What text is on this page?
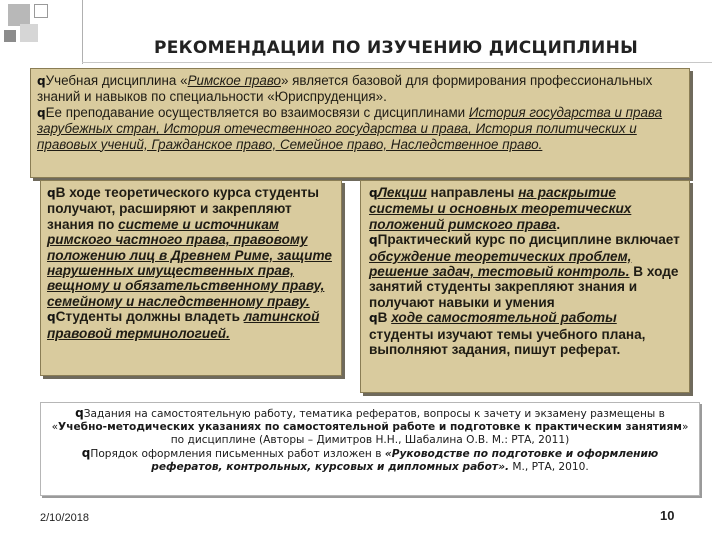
РЕКОМЕНДАЦИИ ПО ИЗУЧЕНИЮ ДИСЦИПЛИНЫ
qУчебная дисциплина «Римское право» является базовой для формирования профессиональных знаний и навыков по специальности «Юриспруденция».
qЕе преподавание осуществляется во взаимосвязи с дисциплинами История государства и права зарубежных стран, История отечественного государства и права, История политических и правовых учений, Гражданское право, Семейное право, Наследственное право.
qВ ходе теоретического курса студенты получают, расширяют и закрепляют знания по системе и источникам римского частного права, правовому положению лиц в Древнем Риме, защите нарушенных имущественных прав, вещному и обязательственному праву, семейному и наследственному праву.
qСтуденты должны владеть латинской правовой терминологией.
qЛекции направлены на раскрытие системы и основных теоретических положений римского права.
qПрактический курс по дисциплине включает обсуждение теоретических проблем, решение задач, тестовый контроль. В ходе занятий студенты закрепляют знания и получают навыки и умения
qВ ходе самостоятельной работы студенты изучают темы учебного плана, выполняют задания, пишут реферат.
qЗадания на самостоятельную работу, тематика рефератов, вопросы к зачету и экзамену размещены в «Учебно-методических указаниях по самостоятельной работе и подготовке к практическим занятиям» по дисциплине (Авторы – Димитров Н.Н., Шабалина О.В. М.: РТА, 2011)
qПорядок оформления письменных работ изложен в «Руководстве по подготовке и оформлению рефератов, контрольных, курсовых и дипломных работ». М., РТА, 2010.
2/10/2018	10
